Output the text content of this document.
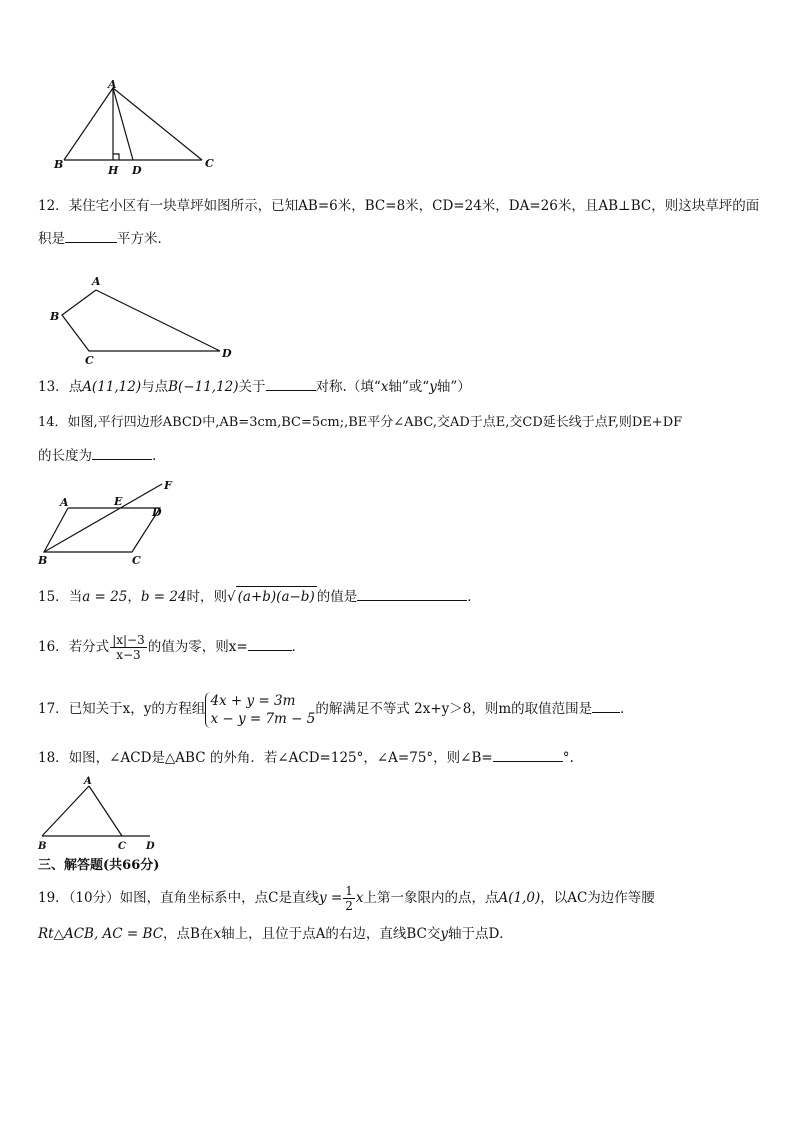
A
B	H D
C
12．某住宅小区有一块草坪如图所示，已知AB=6米，BC=8米，CD=24米，DA=26米，且AB⊥BC，则这块草坪的面
积是	平方米．
A
B
C
D
13．点A(11,12)与点B(−11,12)关于	对称.（填“x轴”或“y轴”）
14．如图,平行四边形ABCD中,AB=3cm,BC=5cm;,BE平分∠ABC,交AD于点E,交CD延长线于点F,则DE+DF
的长度为	.
A	E
F
D
B	C
15．当a = 25，b = 24时，则√ (a+b)(a−b) 的值是	．
16．若分式 $\frac{|x|-3}{x-3}$ 的值为零，则x=	．
17．已知关于x，y的方程组
4x + y = 3m
x − y = 7m − 5
的解满足不等式 2x+y＞8，则m的取值范围是 ．
18．如图，∠ACD是△ABC 的外角．若∠ACD=125°，∠A=75°，则∠B=	°.
A
B	C D
三、解答题(共66分)
19．（10分）如图，直角坐标系中，点C是直线$y = \frac{1}{2}$ x上第一象限内的点，点A(1,0)，以AC为边作等腰
Rt△ACB, AC = BC，点B在x轴上，且位于点A的右边，直线BC交y轴于点D．
